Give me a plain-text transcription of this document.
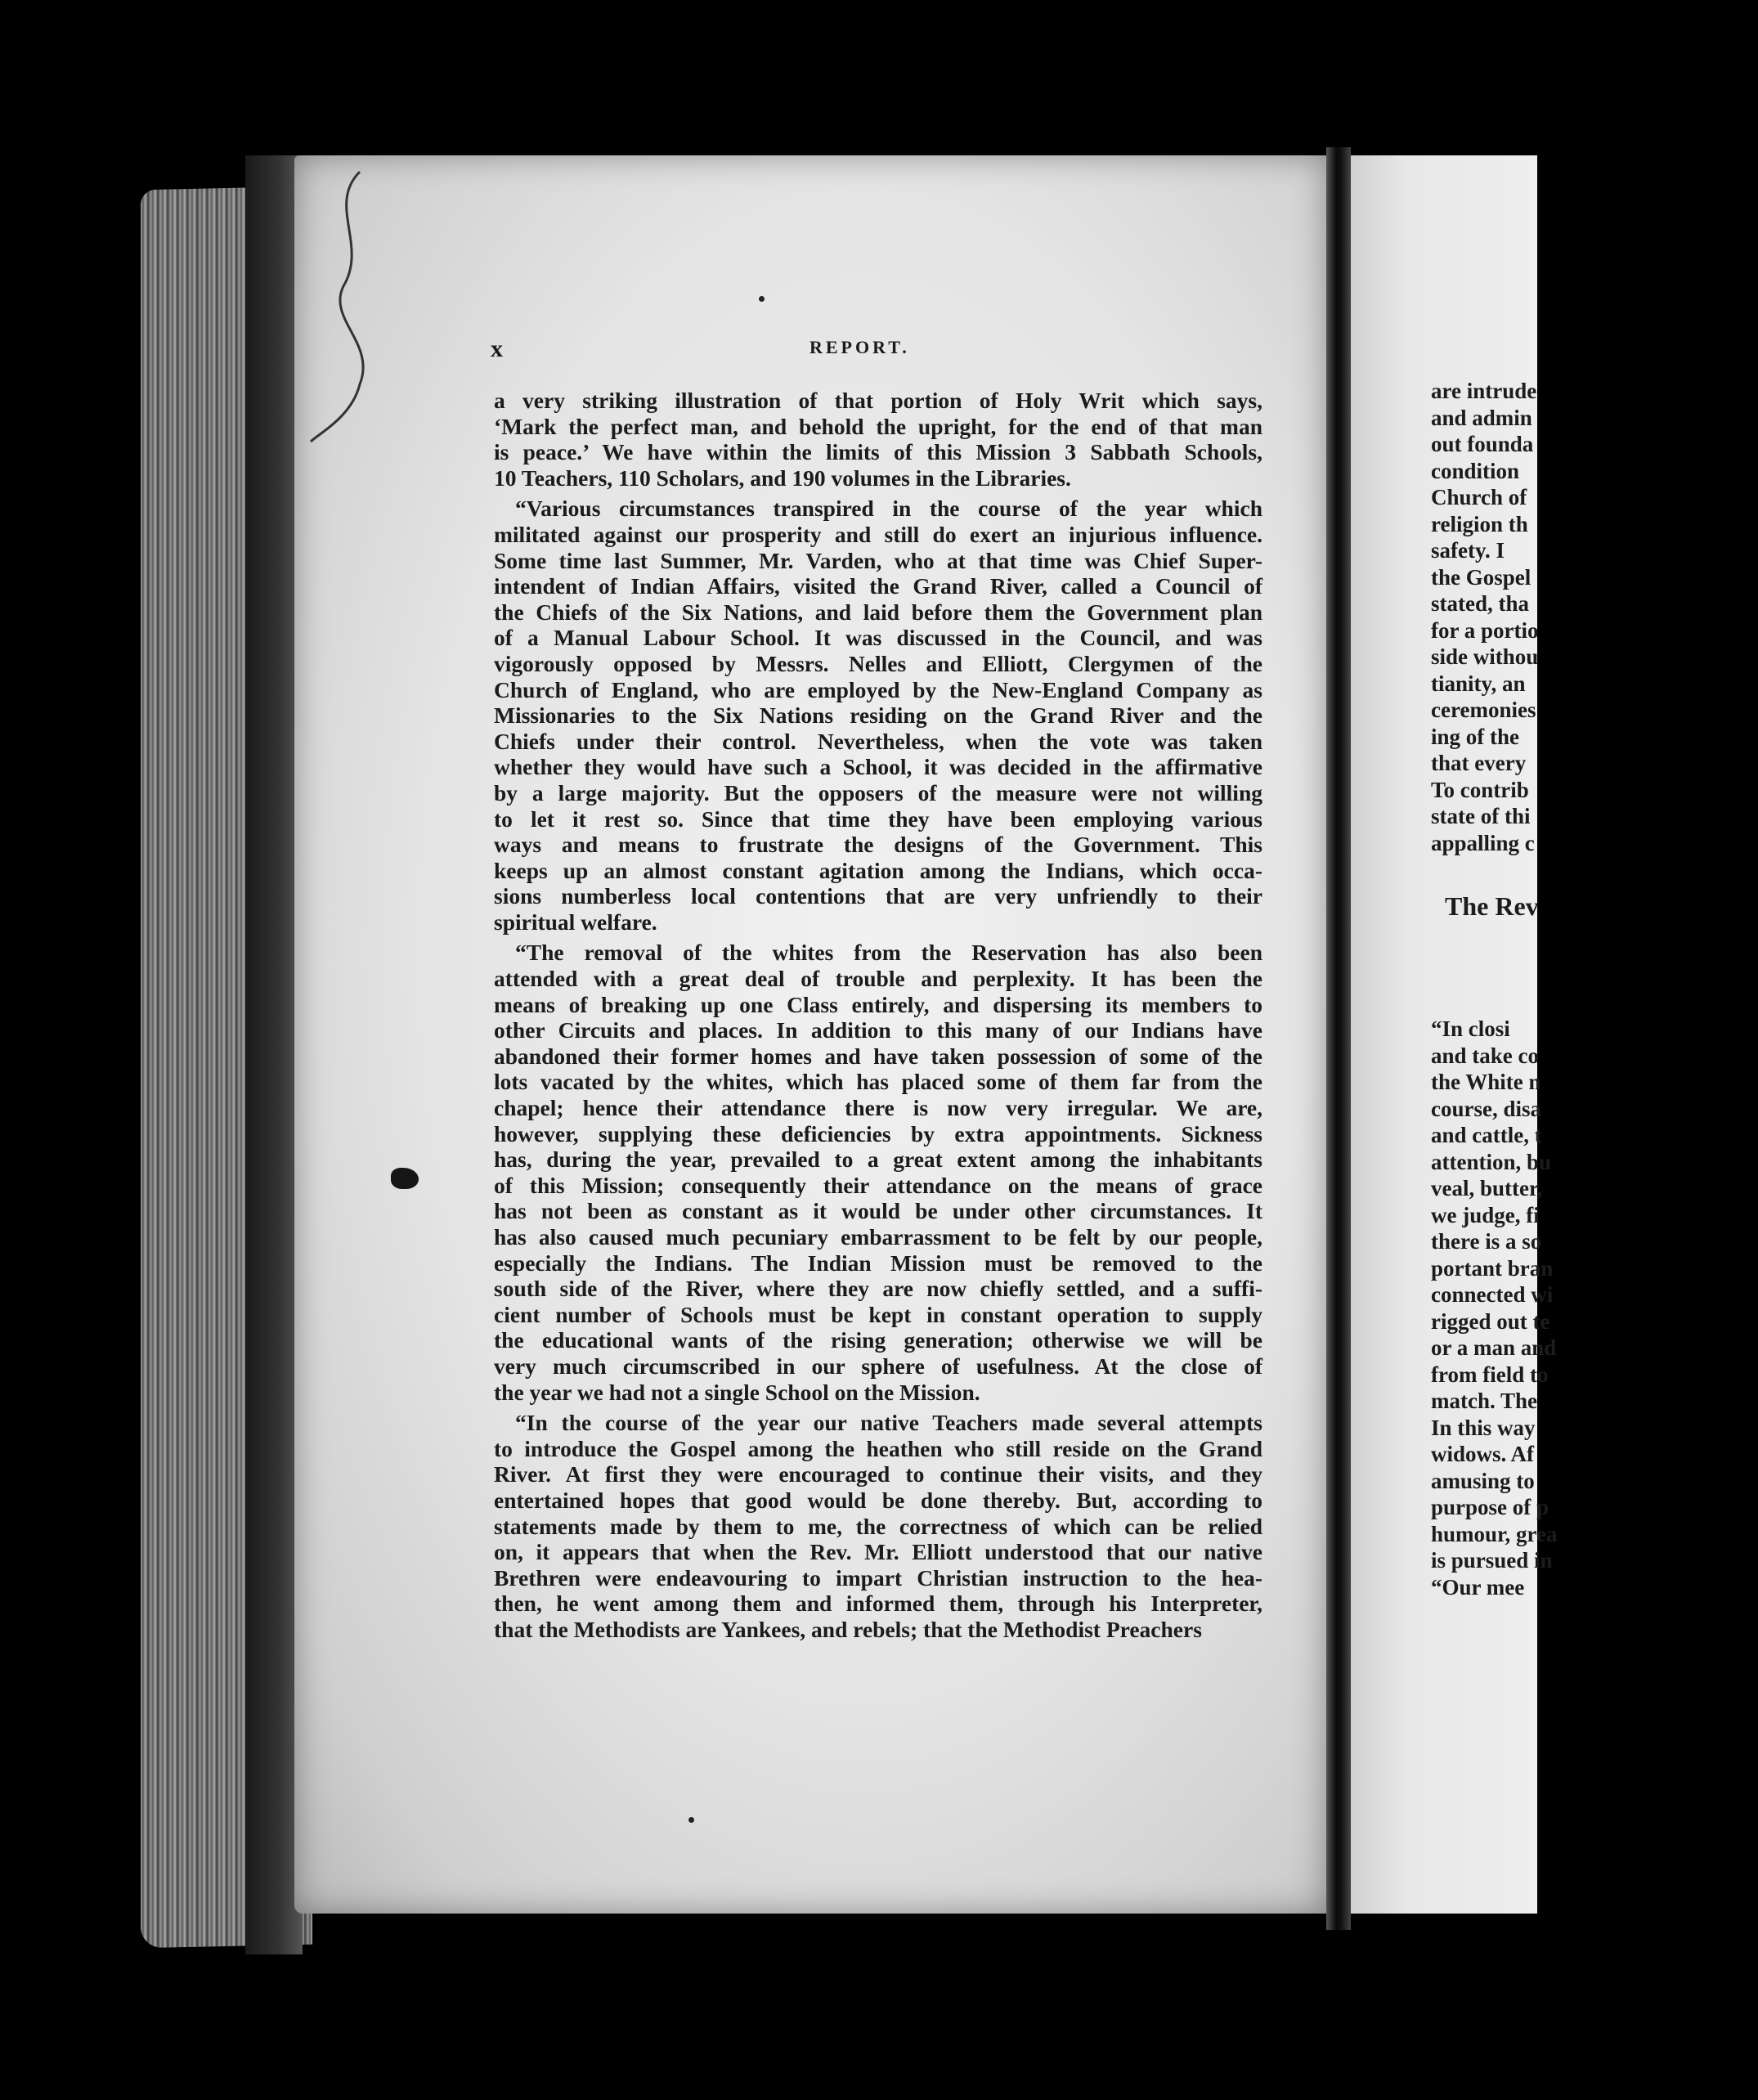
are intrude
and admin
out founda
condition
Church of
religion th
safety. I
the Gospel
stated, tha
for a portio
side withou
tianity, an
ceremonies
ing of the
that every
To contrib
state of thi
appalling c
The Rev
“In closi
and take co
the White n
course, disa
and cattle, t
attention, bu
veal, butter,
we judge, fi
there is a so
portant bran
connected wi
rigged out te
or a man and
from field to
match. The
In this way
widows. Af
amusing to
purpose of p
humour, grea
is pursued in
“Our mee
x	REPORT.
a very striking illustration of that portion of Holy Writ which says,
‘Mark the perfect man, and behold the upright, for the end of that man
is peace.’ We have within the limits of this Mission 3 Sabbath Schools,
10 Teachers, 110 Scholars, and 190 volumes in the Libraries.
“Various circumstances transpired in the course of the year which
militated against our prosperity and still do exert an injurious influence.
Some time last Summer, Mr. Varden, who at that time was Chief Super-
intendent of Indian Affairs, visited the Grand River, called a Council of
the Chiefs of the Six Nations, and laid before them the Government plan
of a Manual Labour School. It was discussed in the Council, and was
vigorously opposed by Messrs. Nelles and Elliott, Clergymen of the
Church of England, who are employed by the New-England Company as
Missionaries to the Six Nations residing on the Grand River and the
Chiefs under their control. Nevertheless, when the vote was taken
whether they would have such a School, it was decided in the affirmative
by a large majority. But the opposers of the measure were not willing
to let it rest so. Since that time they have been employing various
ways and means to frustrate the designs of the Government. This
keeps up an almost constant agitation among the Indians, which occa-
sions numberless local contentions that are very unfriendly to their
spiritual welfare.
“The removal of the whites from the Reservation has also been
attended with a great deal of trouble and perplexity. It has been the
means of breaking up one Class entirely, and dispersing its members to
other Circuits and places. In addition to this many of our Indians have
abandoned their former homes and have taken possession of some of the
lots vacated by the whites, which has placed some of them far from the
chapel; hence their attendance there is now very irregular. We are,
however, supplying these deficiencies by extra appointments. Sickness
has, during the year, prevailed to a great extent among the inhabitants
of this Mission; consequently their attendance on the means of grace
has not been as constant as it would be under other circumstances. It
has also caused much pecuniary embarrassment to be felt by our people,
especially the Indians. The Indian Mission must be removed to the
south side of the River, where they are now chiefly settled, and a suffi-
cient number of Schools must be kept in constant operation to supply
the educational wants of the rising generation; otherwise we will be
very much circumscribed in our sphere of usefulness. At the close of
the year we had not a single School on the Mission.
“In the course of the year our native Teachers made several attempts
to introduce the Gospel among the heathen who still reside on the Grand
River. At first they were encouraged to continue their visits, and they
entertained hopes that good would be done thereby. But, according to
statements made by them to me, the correctness of which can be relied
on, it appears that when the Rev. Mr. Elliott understood that our native
Brethren were endeavouring to impart Christian instruction to the hea-
then, he went among them and informed them, through his Interpreter,
that the Methodists are Yankees, and rebels; that the Methodist Preachers
